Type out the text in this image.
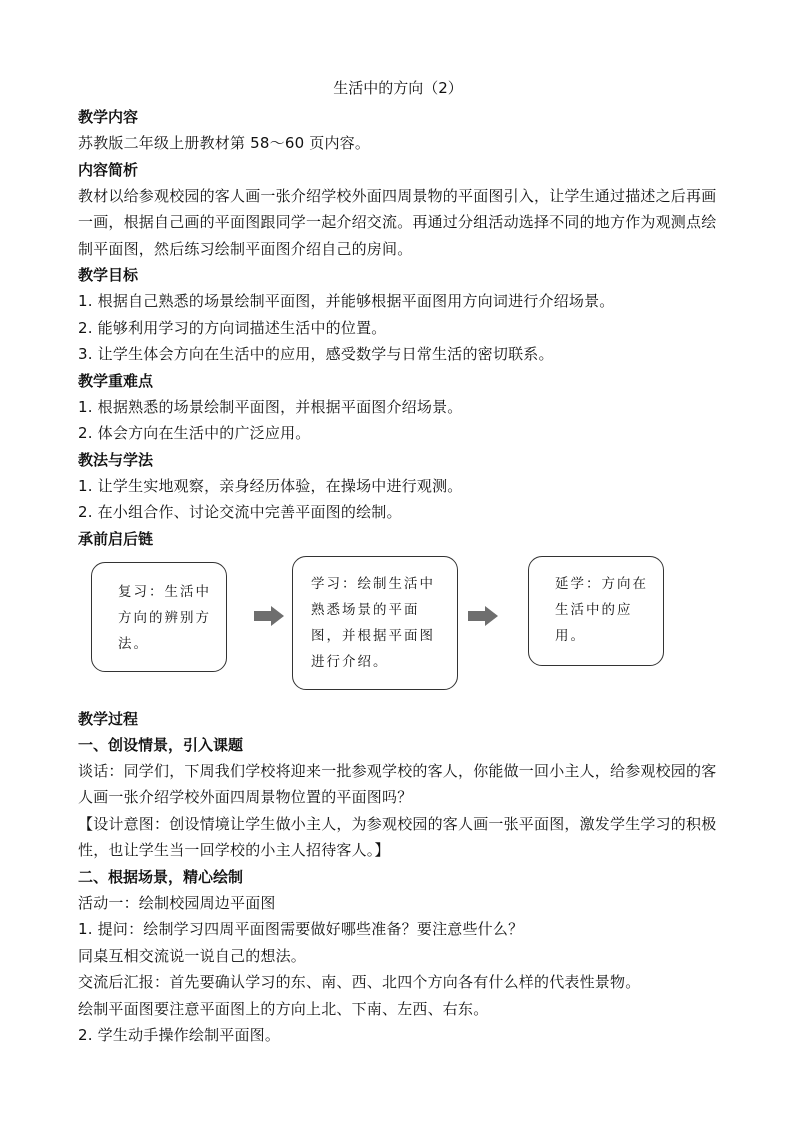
生活中的方向（2）
教学内容
苏教版二年级上册教材第 58～60 页内容。
内容简析
教材以给参观校园的客人画一张介绍学校外面四周景物的平面图引入，让学生通过描述之后再画一画，根据自己画的平面图跟同学一起介绍交流。再通过分组活动选择不同的地方作为观测点绘制平面图，然后练习绘制平面图介绍自己的房间。
教学目标
1. 根据自己熟悉的场景绘制平面图，并能够根据平面图用方向词进行介绍场景。
2. 能够利用学习的方向词描述生活中的位置。
3. 让学生体会方向在生活中的应用，感受数学与日常生活的密切联系。
教学重难点
1. 根据熟悉的场景绘制平面图，并根据平面图介绍场景。
2. 体会方向在生活中的广泛应用。
教法与学法
1. 让学生实地观察，亲身经历体验，在操场中进行观测。
2. 在小组合作、讨论交流中完善平面图的绘制。
承前启后链
复习：生活中方向的辨别方法。
学习：绘制生活中熟悉场景的平面图，并根据平面图进行介绍。
延学：方向在生活中的应用。
教学过程
一、创设情景，引入课题
谈话：同学们，下周我们学校将迎来一批参观学校的客人，你能做一回小主人，给参观校园的客人画一张介绍学校外面四周景物位置的平面图吗？
【设计意图：创设情境让学生做小主人，为参观校园的客人画一张平面图，激发学生学习的积极性，也让学生当一回学校的小主人招待客人。】
二、根据场景，精心绘制
活动一：绘制校园周边平面图
1. 提问：绘制学习四周平面图需要做好哪些准备？要注意些什么？
同桌互相交流说一说自己的想法。
交流后汇报：首先要确认学习的东、南、西、北四个方向各有什么样的代表性景物。
绘制平面图要注意平面图上的方向上北、下南、左西、右东。
2. 学生动手操作绘制平面图。
